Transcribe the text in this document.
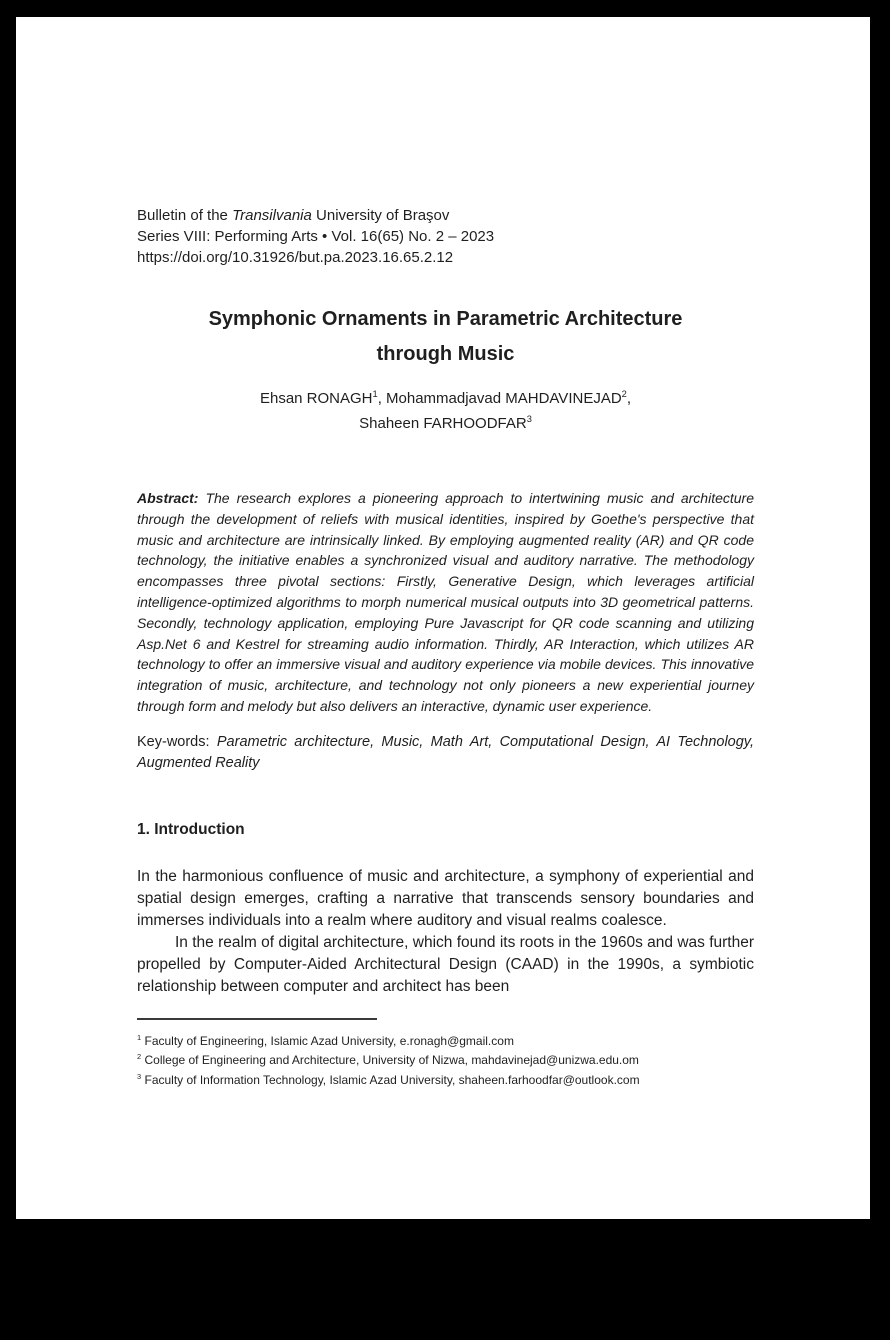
Bulletin of the Transilvania University of Braşov
Series VIII: Performing Arts • Vol. 16(65) No. 2 – 2023
https://doi.org/10.31926/but.pa.2023.16.65.2.12
Symphonic Ornaments in Parametric Architecture
through Music
Ehsan RONAGH$^1$, Mohammadjavad MAHDAVINEJAD$^2$,
Shaheen FARHOODFAR$^3$
Abstract: The research explores a pioneering approach to intertwining music and architecture through the development of reliefs with musical identities, inspired by Goethe's perspective that music and architecture are intrinsically linked. By employing augmented reality (AR) and QR code technology, the initiative enables a synchronized visual and auditory narrative. The methodology encompasses three pivotal sections: Firstly, Generative Design, which leverages artificial intelligence-optimized algorithms to morph numerical musical outputs into 3D geometrical patterns. Secondly, technology application, employing Pure Javascript for QR code scanning and utilizing Asp.Net 6 and Kestrel for streaming audio information. Thirdly, AR Interaction, which utilizes AR technology to offer an immersive visual and auditory experience via mobile devices. This innovative integration of music, architecture, and technology not only pioneers a new experiential journey through form and melody but also delivers an interactive, dynamic user experience.
Key-words: Parametric architecture, Music, Math Art, Computational Design, AI Technology, Augmented Reality
1. Introduction
In the harmonious confluence of music and architecture, a symphony of experiential and spatial design emerges, crafting a narrative that transcends sensory boundaries and immerses individuals into a realm where auditory and visual realms coalesce.
In the realm of digital architecture, which found its roots in the 1960s and was further propelled by Computer-Aided Architectural Design (CAAD) in the 1990s, a symbiotic relationship between computer and architect has been
$^1$ Faculty of Engineering, Islamic Azad University, e.ronagh@gmail.com
$^2$ College of Engineering and Architecture, University of Nizwa, mahdavinejad@unizwa.edu.om
$^3$ Faculty of Information Technology, Islamic Azad University, shaheen.farhoodfar@outlook.com
